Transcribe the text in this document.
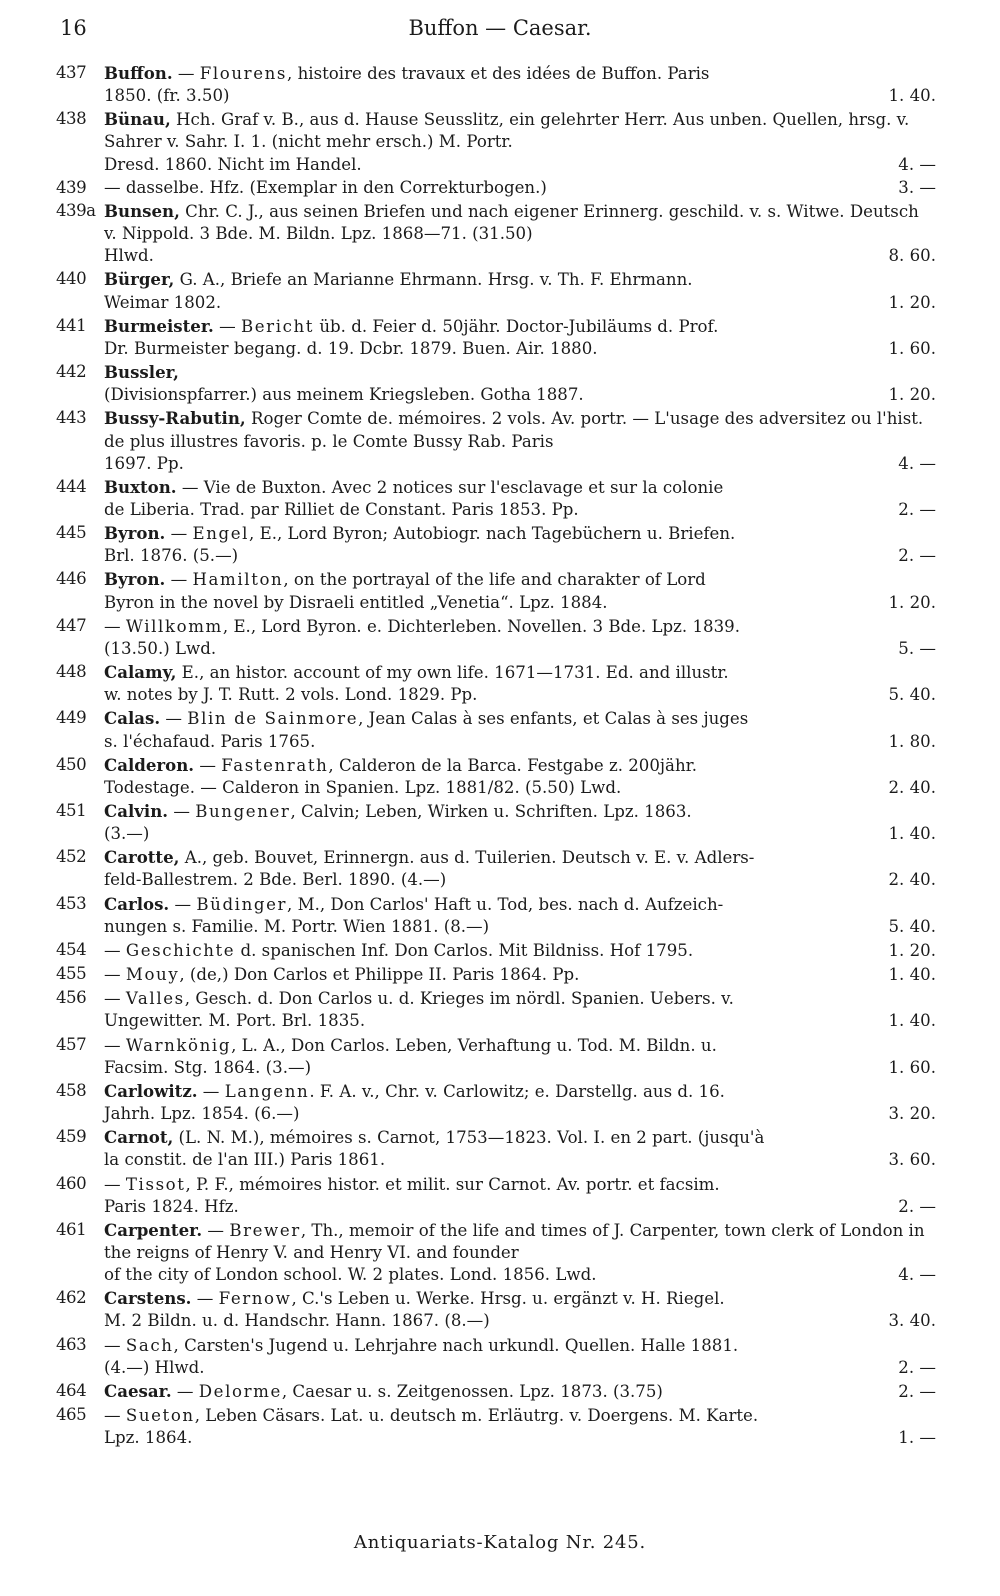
16	Buffon — Caesar.
437	Buffon. — Flourens, histoire des travaux et des idées de Buffon. Paris
1850. (fr. 3.50)	1. 40.
438	Bünau, Hch. Graf v. B., aus d. Hause Seusslitz, ein gelehrter Herr. Aus unben. Quellen, hrsg. v. Sahrer v. Sahr. I. 1. (nicht mehr ersch.) M. Portr.
Dresd. 1860. Nicht im Handel.	4. —
439	— dasselbe. Hfz. (Exemplar in den Correkturbogen.)	3. —
439a Bunsen, Chr. C. J., aus seinen Briefen und nach eigener Erinnerg. geschild. v. s. Witwe. Deutsch v. Nippold. 3 Bde. M. Bildn. Lpz. 1868—71. (31.50)
Hlwd.	8. 60.
440	Bürger, G. A., Briefe an Marianne Ehrmann. Hrsg. v. Th. F. Ehrmann.
Weimar 1802.	1. 20.
441	Burmeister. — Bericht üb. d. Feier d. 50jähr. Doctor-Jubiläums d. Prof.
Dr. Burmeister begang. d. 19. Dcbr. 1879. Buen. Air. 1880.	1. 60.
442	Bussler,
(Divisionspfarrer.) aus meinem Kriegsleben. Gotha 1887.	1. 20.
443	Bussy-Rabutin, Roger Comte de. mémoires. 2 vols. Av. portr. — L'usage des adversitez ou l'hist. de plus illustres favoris. p. le Comte Bussy Rab. Paris
1697. Pp.	4. —
444	Buxton. — Vie de Buxton. Avec 2 notices sur l'esclavage et sur la colonie
de Liberia. Trad. par Rilliet de Constant. Paris 1853. Pp.	2. —
445	Byron. — Engel, E., Lord Byron; Autobiogr. nach Tagebüchern u. Briefen.
Brl. 1876. (5.—)	2. —
446	Byron. — Hamilton, on the portrayal of the life and charakter of Lord
Byron in the novel by Disraeli entitled „Venetia“. Lpz. 1884.	1. 20.
447	— Willkomm, E., Lord Byron. e. Dichterleben. Novellen. 3 Bde. Lpz. 1839.
(13.50.) Lwd.	5. —
448	Calamy, E., an histor. account of my own life. 1671—1731. Ed. and illustr.
w. notes by J. T. Rutt. 2 vols. Lond. 1829. Pp.	5. 40.
449	Calas. — Blin de Sainmore, Jean Calas à ses enfants, et Calas à ses juges
s. l'échafaud. Paris 1765.	1. 80.
450	Calderon. — Fastenrath, Calderon de la Barca. Festgabe z. 200jähr.
Todestage. — Calderon in Spanien. Lpz. 1881/82. (5.50) Lwd.	2. 40.
451	Calvin. — Bungener, Calvin; Leben, Wirken u. Schriften. Lpz. 1863.
(3.—)	1. 40.
452	Carotte, A., geb. Bouvet, Erinnergn. aus d. Tuilerien. Deutsch v. E. v. Adlers-
feld-Ballestrem. 2 Bde. Berl. 1890. (4.—)	2. 40.
453	Carlos. — Büdinger, M., Don Carlos' Haft u. Tod, bes. nach d. Aufzeich-
nungen s. Familie. M. Portr. Wien 1881. (8.—)	5. 40.
454	— Geschichte d. spanischen Inf. Don Carlos. Mit Bildniss. Hof 1795.	1. 20.
455	— Mouy, (de,) Don Carlos et Philippe II. Paris 1864. Pp.	1. 40.
456	— Valles, Gesch. d. Don Carlos u. d. Krieges im nördl. Spanien. Uebers. v.
Ungewitter. M. Port. Brl. 1835.	1. 40.
457	— Warnkönig, L. A., Don Carlos. Leben, Verhaftung u. Tod. M. Bildn. u.
Facsim. Stg. 1864. (3.—)	1. 60.
458	Carlowitz. — Langenn. F. A. v., Chr. v. Carlowitz; e. Darstellg. aus d. 16.
Jahrh. Lpz. 1854. (6.—)	3. 20.
459	Carnot, (L. N. M.), mémoires s. Carnot, 1753—1823. Vol. I. en 2 part. (jusqu'à
la constit. de l'an III.) Paris 1861.	3. 60.
460	— Tissot, P. F., mémoires histor. et milit. sur Carnot. Av. portr. et facsim.
Paris 1824. Hfz.	2. —
461	Carpenter. — Brewer, Th., memoir of the life and times of J. Carpenter, town clerk of London in the reigns of Henry V. and Henry VI. and founder
of the city of London school. W. 2 plates. Lond. 1856. Lwd.	4. —
462	Carstens. — Fernow, C.'s Leben u. Werke. Hrsg. u. ergänzt v. H. Riegel.
M. 2 Bildn. u. d. Handschr. Hann. 1867. (8.—)	3. 40.
463	— Sach, Carsten's Jugend u. Lehrjahre nach urkundl. Quellen. Halle 1881.
(4.—) Hlwd.	2. —
464	Caesar. — Delorme, Caesar u. s. Zeitgenossen. Lpz. 1873. (3.75)	2. —
465	— Sueton, Leben Cäsars. Lat. u. deutsch m. Erläutrg. v. Doergens. M. Karte.
Lpz. 1864.	1. —
Antiquariats-Katalog Nr. 245.
